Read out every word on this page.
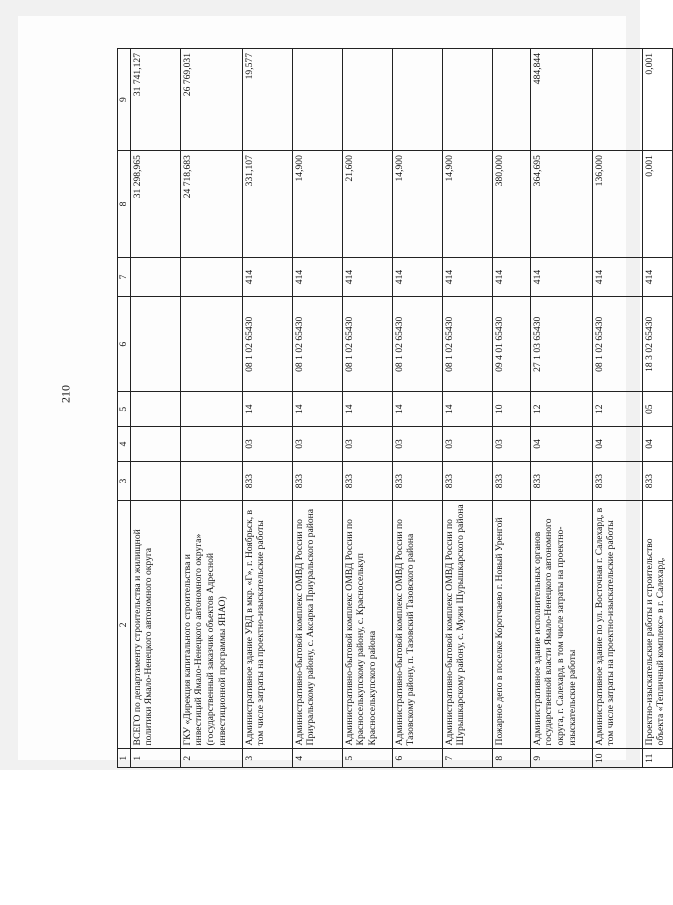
210
1	2	3	4	5	6	7	8	9
1	ВСЕГО по департаменту строительства и жилищной политики Ямало-Ненецкого автономного округа						31 298,965	31 741,127
2	ГКУ «Дирекция капитального строительства и инвестиций Ямало-Ненецкого автономного округа» (государственный заказчик объектов Адресной инвестиционной программы ЯНАО)						24 718,683	26 769,031
3	Административное здание УВД в мкр. «Г», г. Ноябрьск, в том числе затраты на проектно-изыскательские работы	833	03	14	08 1 02 65430	414	331,107	19,577
4	Административно-бытовой комплекс ОМВД России по Приуральскому району, с. Аксарка Приуральского района	833	03	14	08 1 02 65430	414	14,900	
5	Административно-бытовой комплекс ОМВД России по Красноселькупскому району, с. Красноселькуп Красноселькупского района	833	03	14	08 1 02 65430	414	21,600	
6	Административно-бытовой комплекс ОМВД России по Тазовскому району, п. Тазовский Тазовского района	833	03	14	08 1 02 65430	414	14,900	
7	Административно-бытовой комплекс ОМВД России по Шурышкарскому району, с. Мужи Шурышкарского района	833	03	14	08 1 02 65430	414	14,900	
8	Пожарное депо в поселке Коротчаево г. Новый Уренгой	833	03	10	09 4 01 65430	414	380,000	
9	Административное здание исполнительных органов государственной власти Ямало-Ненецкого автономного округа, г. Салехард, в том числе затраты на проектно-изыскательские работы	833	04	12	27 1 03 65430	414	364,695	484,844
10	Административное здание по ул. Восточная г. Салехард, в том числе затраты на проектно-изыскательские работы	833	04	12	08 1 02 65430	414	136,000	
11	Проектно-изыскательские работы и строительство объекта «Тепличный комплекс» в г. Салехард,	833	04	05	18 3 02 65430	414	0,001	0,001
